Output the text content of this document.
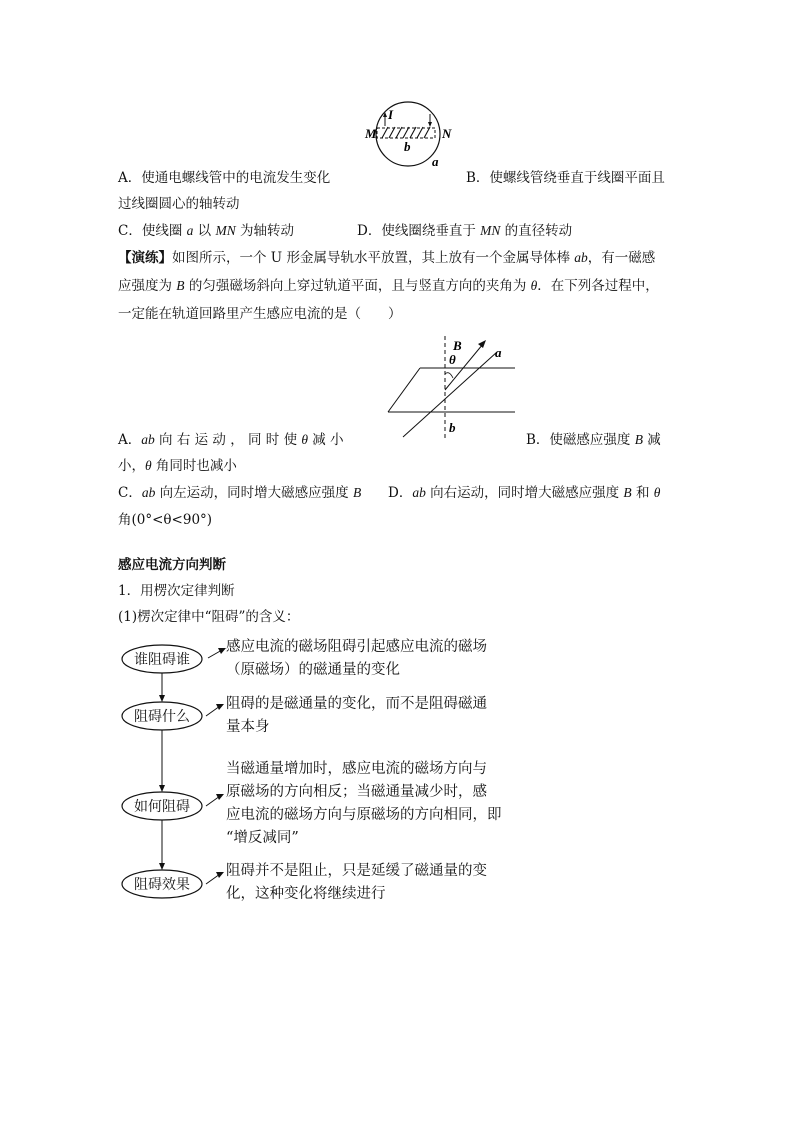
M	N
I
b
a
A．使通电螺线管中的电流发生变化	B．使螺线管绕垂直于线圈平面且
过线圈圆心的轴转动
C．使线圈 a 以 MN 为轴转动	D．使线圈绕垂直于 MN 的直径转动
【演练】如图所示，一个 U 形金属导轨水平放置，其上放有一个金属导体棒 ab，有一磁感
应强度为 B 的匀强磁场斜向上穿过轨道平面，且与竖直方向的夹角为 θ．在下列各过程中，
一定能在轨道回路里产生感应电流的是（　　）
B
θ	a
b
A．ab 向 右 运 动 ， 同 时 使 θ 减 小	B．使磁感应强度 B 减
小，θ 角同时也减小
C．ab 向左运动，同时增大磁感应强度 B D．ab 向右运动，同时增大磁感应强度 B 和 θ
角(0°<θ<90°)
感应电流方向判断
1．用楞次定律判断
(1)楞次定律中“阻碍”的含义：
谁阻碍谁
阻碍什么
如何阻碍
阻碍效果
感应电流的磁场阻碍引起感应电流的磁场
（原磁场）的磁通量的变化
阻碍的是磁通量的变化，而不是阻碍磁通
量本身
当磁通量增加时，感应电流的磁场方向与
原磁场的方向相反；当磁通量减少时，感
应电流的磁场方向与原磁场的方向相同，即
“增反减同”
阻碍并不是阻止，只是延缓了磁通量的变
化，这种变化将继续进行
